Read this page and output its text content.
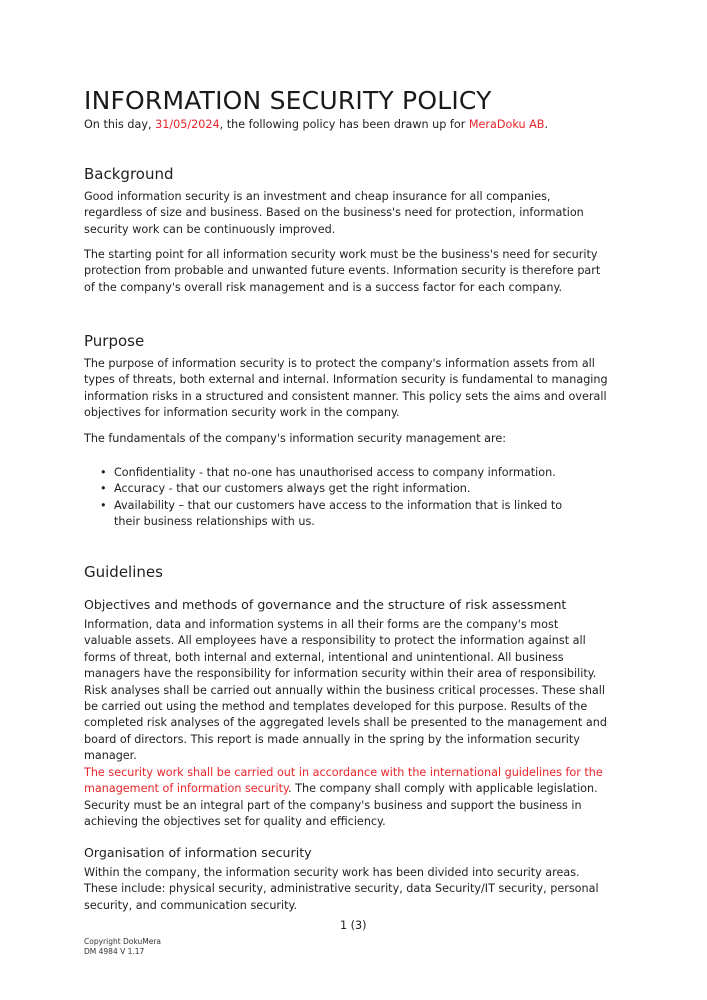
INFORMATION SECURITY POLICY
On this day, 31/05/2024, the following policy has been drawn up for MeraDoku AB.
Background

Good information security is an investment and cheap insurance for all companies, regardless of size and business. Based on the business's need for protection, information security work can be continuously improved.

The starting point for all information security work must be the business's need for security protection from probable and unwanted future events. Information security is therefore part of the company's overall risk management and is a success factor for each company.

Purpose

The purpose of information security is to protect the company's information assets from all types of threats, both external and internal. Information security is fundamental to managing information risks in a structured and consistent manner. This policy sets the aims and overall objectives for information security work in the company.

The fundamentals of the company's information security management are:

• Confidentiality - that no-one has unauthorised access to company information.
• Accuracy - that our customers always get the right information.
• Availability – that our customers have access to the information that is linked to their business relationships with us.
Guidelines
Objectives and methods of governance and the structure of risk assessment

Information, data and information systems in all their forms are the company's most valuable assets. All employees have a responsibility to protect the information against all forms of threat, both internal and external, intentional and unintentional. All business managers have the responsibility for information security within their area of responsibility. Risk analyses shall be carried out annually within the business critical processes. These shall be carried out using the method and templates developed for this purpose. Results of the completed risk analyses of the aggregated levels shall be presented to the management and board of directors. This report is made annually in the spring by the information security manager.

The security work shall be carried out in accordance with the international guidelines for the management of information security. The company shall comply with applicable legislation. Security must be an integral part of the company's business and support the business in achieving the objectives set for quality and efficiency.

Organisation of information security

Within the company, the information security work has been divided into security areas. These include: physical security, administrative security, data Security/IT security, personal security, and communication security.

1 (3)
Copyright DokuMera
DM 4984 V 1.17
